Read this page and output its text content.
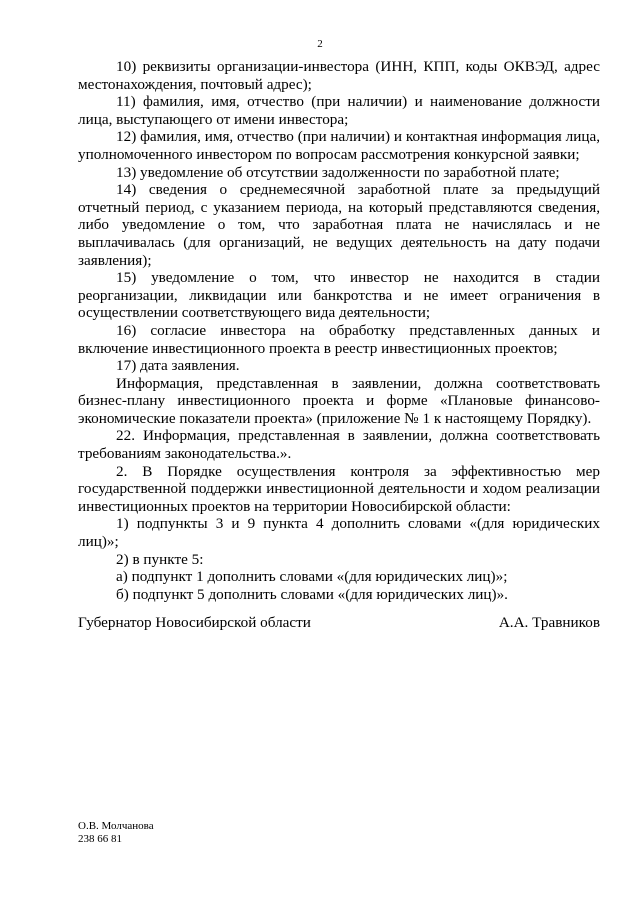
2

10) реквизиты организации-инвестора (ИНН, КПП, коды ОКВЭД, адрес местонахождения, почтовый адрес);

11) фамилия, имя, отчество (при наличии) и наименование должности лица, выступающего от имени инвестора;

12) фамилия, имя, отчество (при наличии) и контактная информация лица, уполномоченного инвестором по вопросам рассмотрения конкурсной заявки;

13) уведомление об отсутствии задолженности по заработной плате;

14) сведения о среднемесячной заработной плате за предыдущий отчетный период, с указанием периода, на который представляются сведения, либо уведомление о том, что заработная плата не начислялась и не выплачивалась (для организаций, не ведущих деятельность на дату подачи заявления);

15) уведомление о том, что инвестор не находится в стадии реорганизации, ликвидации или банкротства и не имеет ограничения в осуществлении соответствующего вида деятельности;

16) согласие инвестора на обработку представленных данных и включение инвестиционного проекта в реестр инвестиционных проектов;

17) дата заявления.

Информация, представленная в заявлении, должна соответствовать бизнес-плану инвестиционного проекта и форме «Плановые финансово-экономические показатели проекта» (приложение № 1 к настоящему Порядку).

22. Информация, представленная в заявлении, должна соответствовать требованиям законодательства.».

2. В Порядке осуществления контроля за эффективностью мер государственной поддержки инвестиционной деятельности и ходом реализации инвестиционных проектов на территории Новосибирской области:

1) подпункты 3 и 9 пункта 4 дополнить словами «(для юридических лиц)»;

2) в пункте 5:

а) подпункт 1 дополнить словами «(для юридических лиц)»;

б) подпункт 5 дополнить словами «(для юридических лиц)».

Губернатор Новосибирской области	А.А. Травников
О.В. Молчанова
238 66 81
